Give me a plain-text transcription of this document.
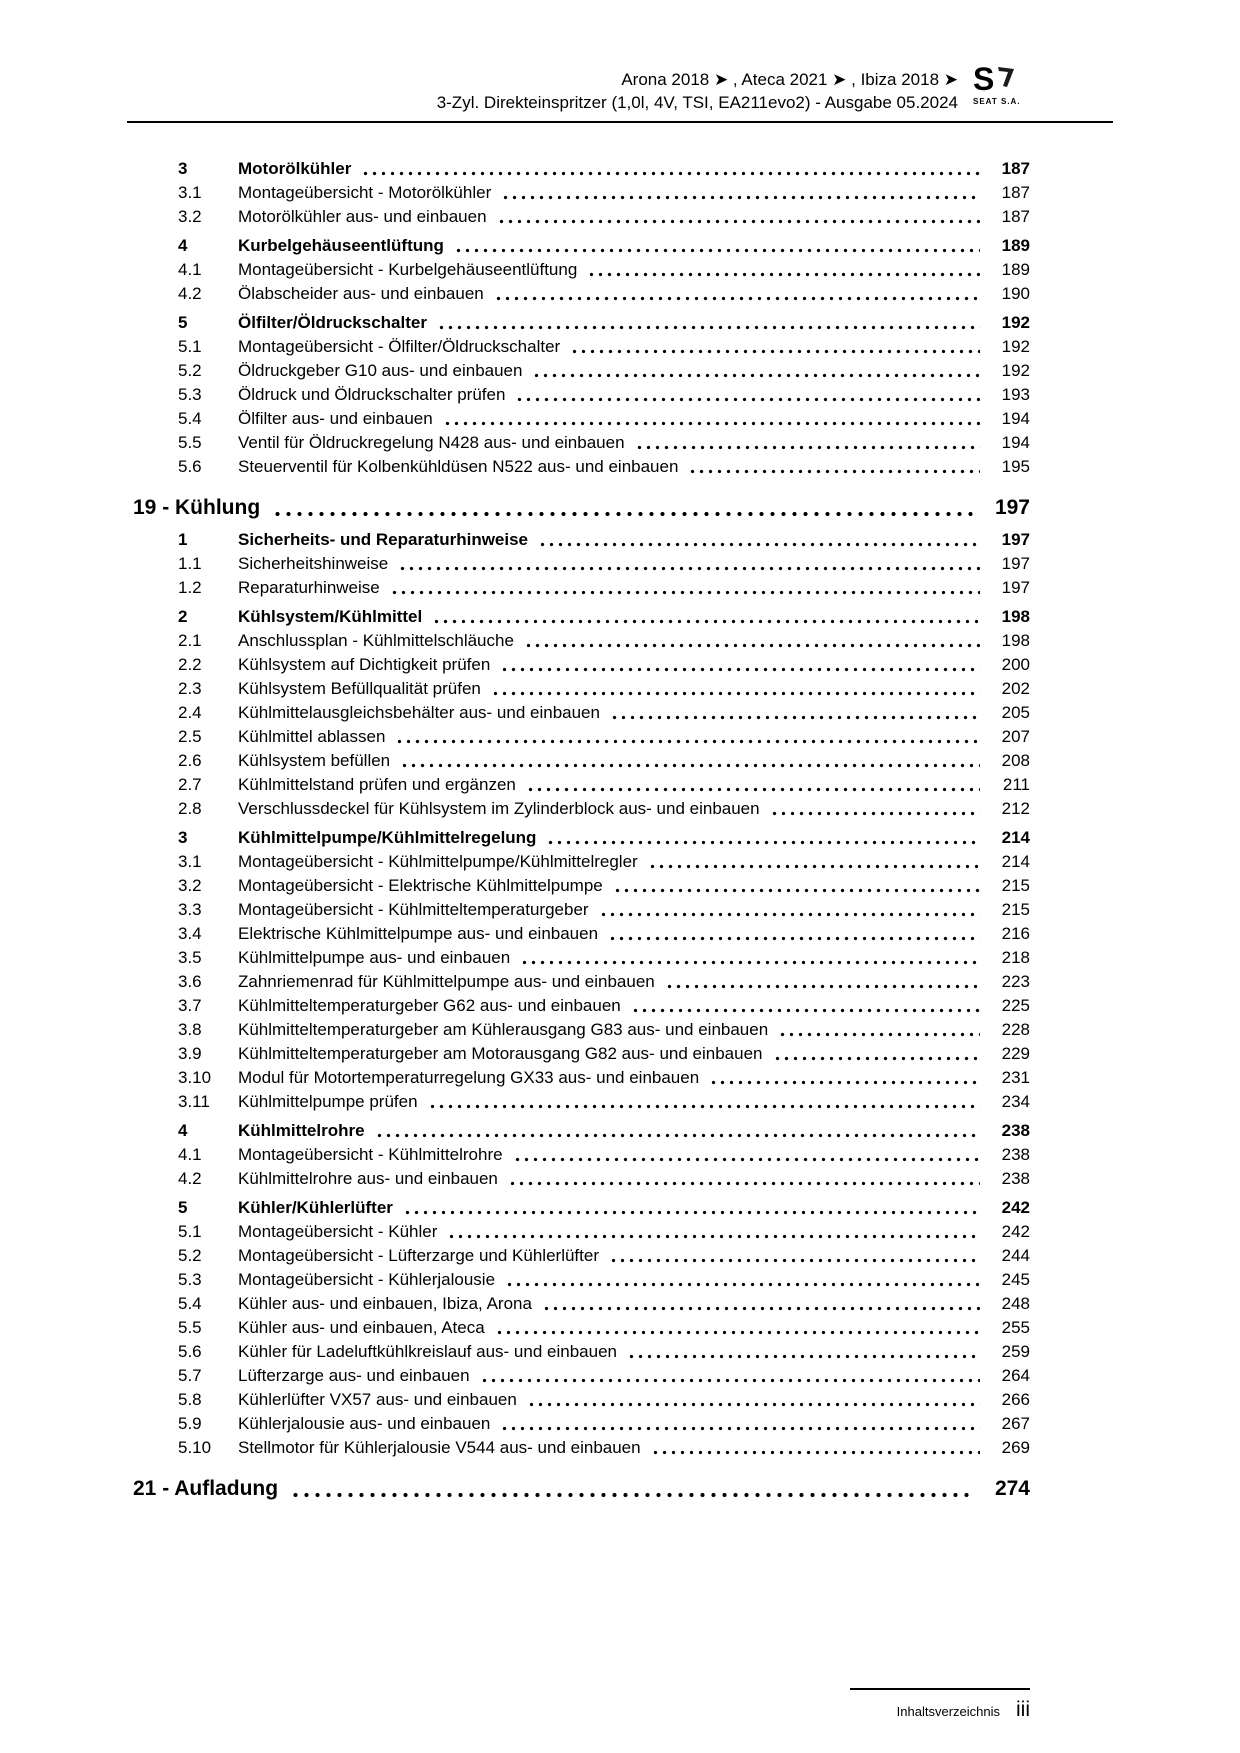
Arona 2018 ➤ , Ateca 2021 ➤ , Ibiza 2018 ➤
3-Zyl. Direkteinspritzer (1,0l, 4V, TSI, EA211evo2) - Ausgabe 05.2024
S
SEAT S.A.
3	Motorölkühler	187
3.1	Montageübersicht - Motorölkühler	187
3.2	Motorölkühler aus- und einbauen	187
4	Kurbelgehäuseentlüftung	189
4.1	Montageübersicht - Kurbelgehäuseentlüftung	189
4.2	Ölabscheider aus- und einbauen	190
5	Ölfilter/Öldruckschalter	192
5.1	Montageübersicht - Ölfilter/Öldruckschalter	192
5.2	Öldruckgeber G10 aus- und einbauen	192
5.3	Öldruck und Öldruckschalter prüfen	193
5.4	Ölfilter aus- und einbauen	194
5.5	Ventil für Öldruckregelung N428 aus- und einbauen	194
5.6	Steuerventil für Kolbenkühldüsen N522 aus- und einbauen	195
19 - Kühlung	197
1	Sicherheits- und Reparaturhinweise	197
1.1	Sicherheitshinweise	197
1.2	Reparaturhinweise	197
2	Kühlsystem/Kühlmittel	198
2.1	Anschlussplan - Kühlmittelschläuche	198
2.2	Kühlsystem auf Dichtigkeit prüfen	200
2.3	Kühlsystem Befüllqualität prüfen	202
2.4	Kühlmittelausgleichsbehälter aus- und einbauen	205
2.5	Kühlmittel ablassen	207
2.6	Kühlsystem befüllen	208
2.7	Kühlmittelstand prüfen und ergänzen	211
2.8	Verschlussdeckel für Kühlsystem im Zylinderblock aus- und einbauen	212
3	Kühlmittelpumpe/Kühlmittelregelung	214
3.1	Montageübersicht - Kühlmittelpumpe/Kühlmittelregler	214
3.2	Montageübersicht - Elektrische Kühlmittelpumpe	215
3.3	Montageübersicht - Kühlmitteltemperaturgeber	215
3.4	Elektrische Kühlmittelpumpe aus- und einbauen	216
3.5	Kühlmittelpumpe aus- und einbauen	218
3.6	Zahnriemenrad für Kühlmittelpumpe aus- und einbauen	223
3.7	Kühlmitteltemperaturgeber G62 aus- und einbauen	225
3.8	Kühlmitteltemperaturgeber am Kühlerausgang G83 aus- und einbauen	228
3.9	Kühlmitteltemperaturgeber am Motorausgang G82 aus- und einbauen	229
3.10	Modul für Motortemperaturregelung GX33 aus- und einbauen	231
3.11	Kühlmittelpumpe prüfen	234
4	Kühlmittelrohre	238
4.1	Montageübersicht - Kühlmittelrohre	238
4.2	Kühlmittelrohre aus- und einbauen	238
5	Kühler/Kühlerlüfter	242
5.1	Montageübersicht - Kühler	242
5.2	Montageübersicht - Lüfterzarge und Kühlerlüfter	244
5.3	Montageübersicht - Kühlerjalousie	245
5.4	Kühler aus- und einbauen, Ibiza, Arona	248
5.5	Kühler aus- und einbauen, Ateca	255
5.6	Kühler für Ladeluftkühlkreislauf aus- und einbauen	259
5.7	Lüfterzarge aus- und einbauen	264
5.8	Kühlerlüfter VX57 aus- und einbauen	266
5.9	Kühlerjalousie aus- und einbauen	267
5.10	Stellmotor für Kühlerjalousie V544 aus- und einbauen	269
21 - Aufladung	274
Inhaltsverzeichnis iii
